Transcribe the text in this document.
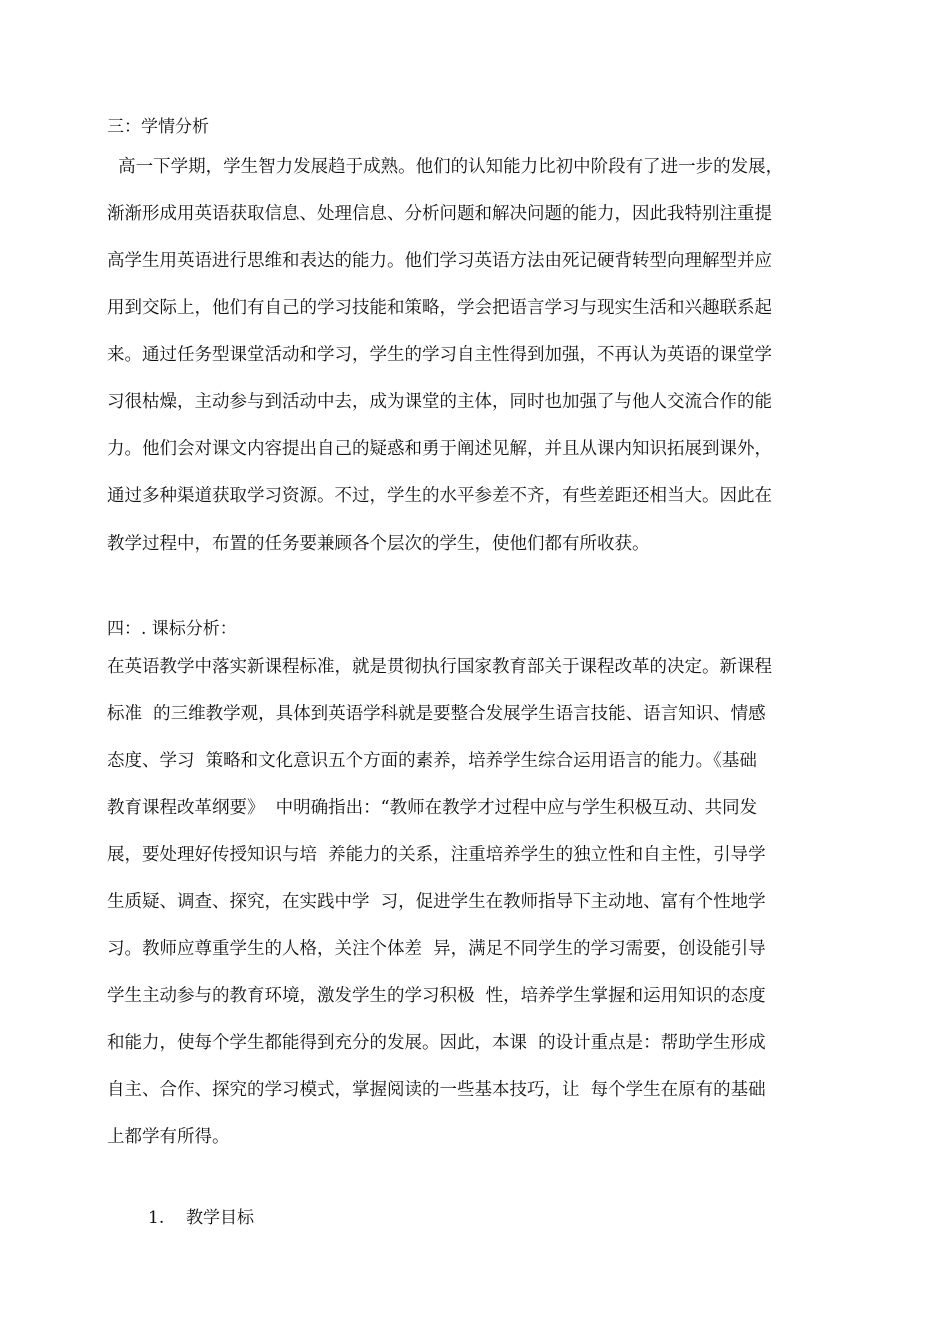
三：学情分析
高一下学期，学生智力发展趋于成熟。他们的认知能力比初中阶段有了进一步的发展，
渐渐形成用英语获取信息、处理信息、分析问题和解决问题的能力，因此我特别注重提
高学生用英语进行思维和表达的能力。他们学习英语方法由死记硬背转型向理解型并应
用到交际上，他们有自己的学习技能和策略，学会把语言学习与现实生活和兴趣联系起
来。通过任务型课堂活动和学习，学生的学习自主性得到加强，不再认为英语的课堂学
习很枯燥，主动参与到活动中去，成为课堂的主体，同时也加强了与他人交流合作的能
力。他们会对课文内容提出自己的疑惑和勇于阐述见解，并且从课内知识拓展到课外，
通过多种渠道获取学习资源。不过，学生的水平参差不齐，有些差距还相当大。因此在
教学过程中，布置的任务要兼顾各个层次的学生，使他们都有所收获。
四：. 课标分析：
在英语教学中落实新课程标准，就是贯彻执行国家教育部关于课程改革的决定。新课程
标准  的三维教学观，具体到英语学科就是要整合发展学生语言技能、语言知识、情感
态度、学习  策略和文化意识五个方面的素养，培养学生综合运用语言的能力。《基础
教育课程改革纲要》  中明确指出：“教师在教学才过程中应与学生积极互动、共同发
展，要处理好传授知识与培  养能力的关系，注重培养学生的独立性和自主性，引导学
生质疑、调查、探究，在实践中学  习，促进学生在教师指导下主动地、富有个性地学
习。教师应尊重学生的人格，关注个体差  异，满足不同学生的学习需要，创设能引导
学生主动参与的教育环境，激发学生的学习积极  性，培养学生掌握和运用知识的态度
和能力，使每个学生都能得到充分的发展。因此，本课  的设计重点是：帮助学生形成
自主、合作、探究的学习模式，掌握阅读的一些基本技巧，让  每个学生在原有的基础
上都学有所得。
1. 教学目标
